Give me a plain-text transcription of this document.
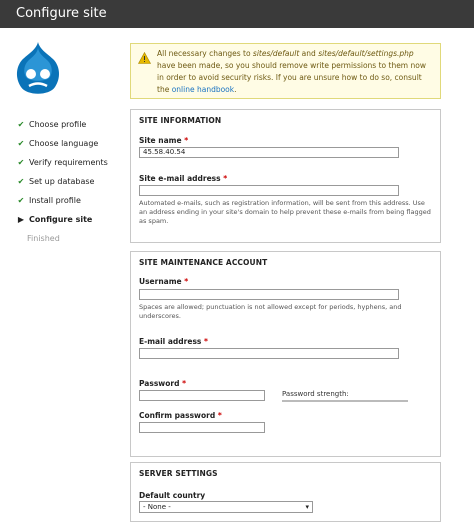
Configure site
✔ Choose profile
✔ Choose language
✔ Verify requirements
✔ Set up database
✔ Install profile
▶ Configure site
Finished
All necessary changes to sites/default and sites/default/settings.php have been made, so you should remove write permissions to them now in order to avoid security risks. If you are unsure how to do so, consult the online handbook.
SITE INFORMATION
Site name *
45.58.40.54
Site e-mail address *
Automated e-mails, such as registration information, will be sent from this address. Use an address ending in your site's domain to help prevent these e-mails from being flagged as spam.
SITE MAINTENANCE ACCOUNT
Username *
Spaces are allowed; punctuation is not allowed except for periods, hyphens, and underscores.
E-mail address *
Password *
Password strength:
Confirm password *
SERVER SETTINGS
Default country
- None -	▾
